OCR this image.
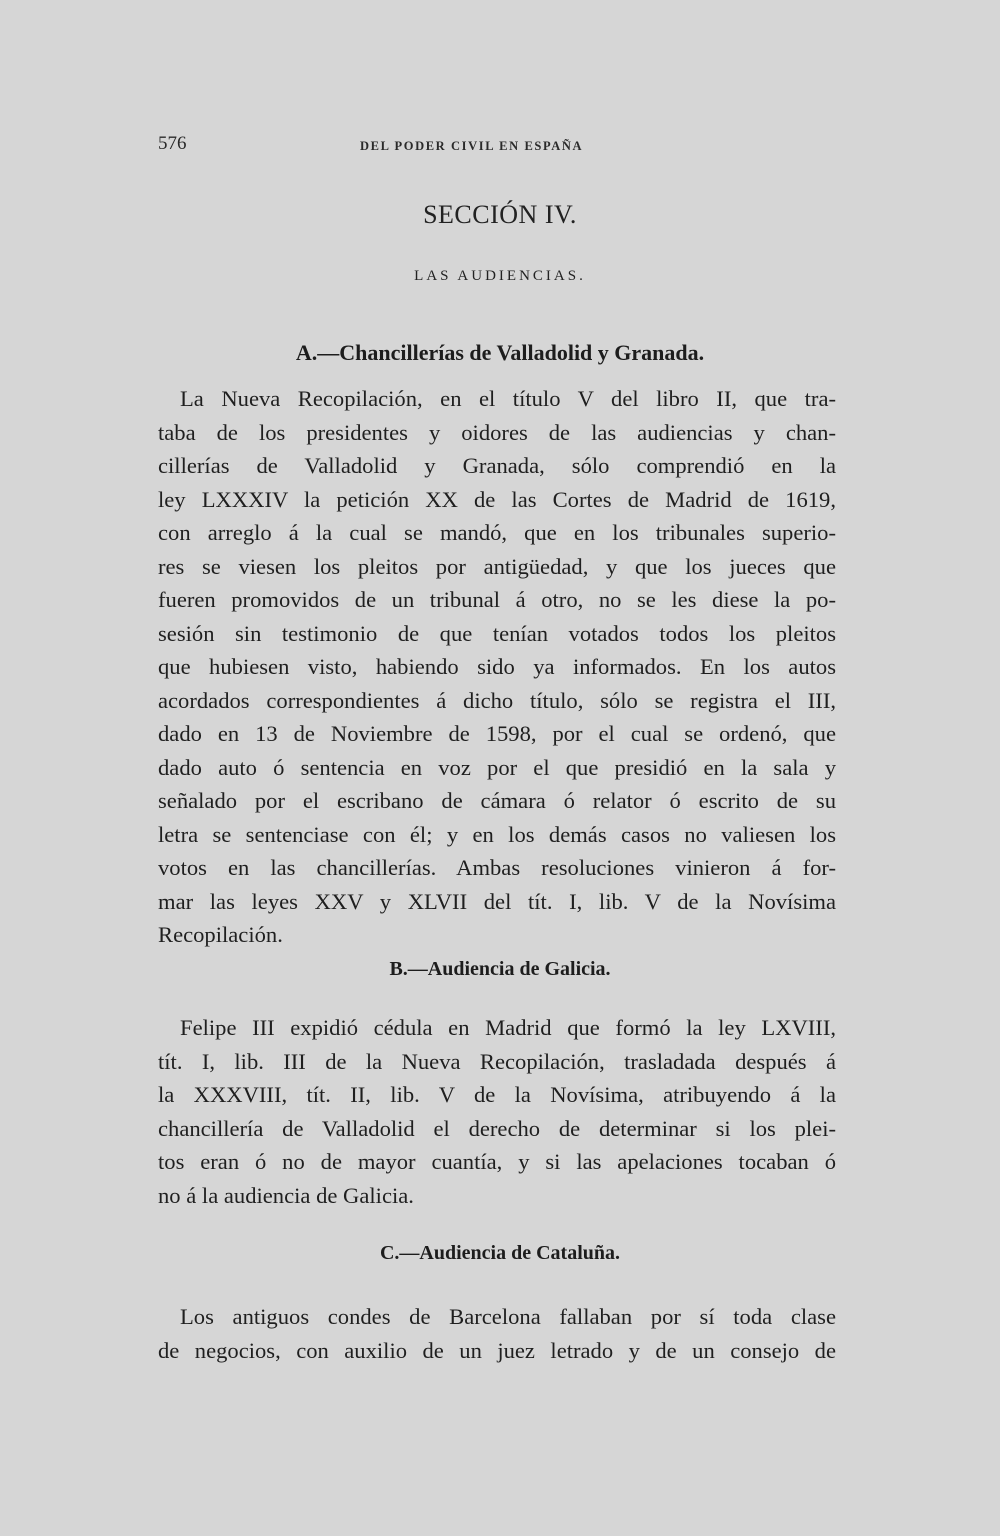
576	DEL PODER CIVIL EN ESPAÑA
SECCIÓN IV.
LAS AUDIENCIAS.
A.—Chancillerías de Valladolid y Granada.
La Nueva Recopilación, en el título V del libro II, que tra-
taba de los presidentes y oidores de las audiencias y chan-
cillerías de Valladolid y Granada, sólo comprendió en la
ley LXXXIV la petición XX de las Cortes de Madrid de 1619,
con arreglo á la cual se mandó, que en los tribunales superio-
res se viesen los pleitos por antigüedad, y que los jueces que
fueren promovidos de un tribunal á otro, no se les diese la po-
sesión sin testimonio de que tenían votados todos los pleitos
que hubiesen visto, habiendo sido ya informados. En los autos
acordados correspondientes á dicho título, sólo se registra el III,
dado en 13 de Noviembre de 1598, por el cual se ordenó, que
dado auto ó sentencia en voz por el que presidió en la sala y
señalado por el escribano de cámara ó relator ó escrito de su
letra se sentenciase con él; y en los demás casos no valiesen los
votos en las chancillerías. Ambas resoluciones vinieron á for-
mar las leyes XXV y XLVII del tít. I, lib. V de la Novísima
Recopilación.
B.—Audiencia de Galicia.
Felipe III expidió cédula en Madrid que formó la ley LXVIII,
tít. I, lib. III de la Nueva Recopilación, trasladada después á
la XXXVIII, tít. II, lib. V de la Novísima, atribuyendo á la
chancillería de Valladolid el derecho de determinar si los plei-
tos eran ó no de mayor cuantía, y si las apelaciones tocaban ó
no á la audiencia de Galicia.
C.—Audiencia de Cataluña.
Los antiguos condes de Barcelona fallaban por sí toda clase
de negocios, con auxilio de un juez letrado y de un consejo de
